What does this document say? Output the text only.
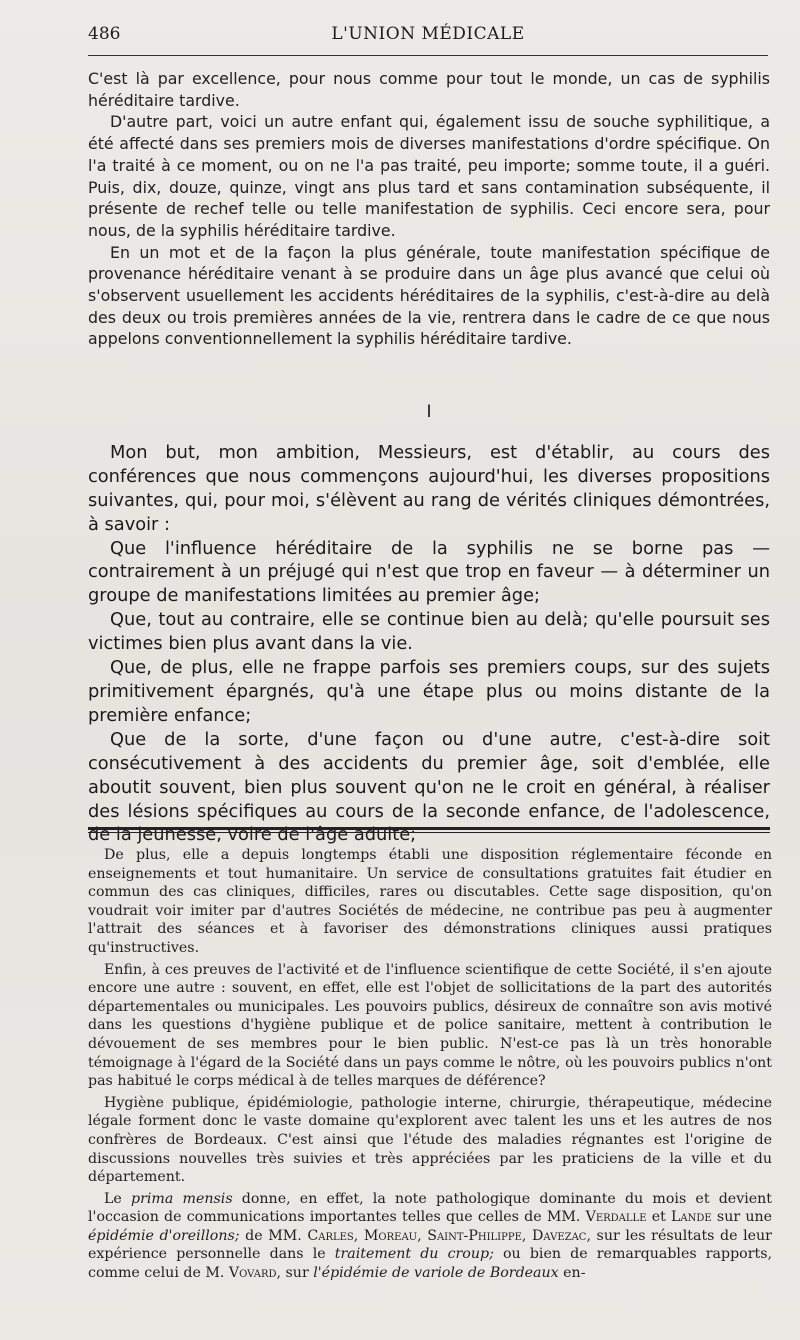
486	L'UNION MÉDICALE

C'est là par excellence, pour nous comme pour tout le monde, un cas de syphilis héréditaire tardive.

D'autre part, voici un autre enfant qui, également issu de souche syphilitique, a été affecté dans ses premiers mois de diverses manifestations d'ordre spécifique. On l'a traité à ce moment, ou on ne l'a pas traité, peu importe; somme toute, il a guéri. Puis, dix, douze, quinze, vingt ans plus tard et sans contamination subséquente, il présente de rechef telle ou telle manifestation de syphilis. Ceci encore sera, pour nous, de la syphilis héréditaire tardive.

En un mot et de la façon la plus générale, toute manifestation spécifique de provenance héréditaire venant à se produire dans un âge plus avancé que celui où s'observent usuellement les accidents héréditaires de la syphilis, c'est-à-dire au delà des deux ou trois premières années de la vie, rentrera dans le cadre de ce que nous appelons conventionnellement la syphilis héréditaire tardive.

I

Mon but, mon ambition, Messieurs, est d'établir, au cours des conférences que nous commençons aujourd'hui, les diverses propositions suivantes, qui, pour moi, s'élèvent au rang de vérités cliniques démontrées, à savoir :

Que l'influence héréditaire de la syphilis ne se borne pas — contrairement à un préjugé qui n'est que trop en faveur — à déterminer un groupe de manifestations limitées au premier âge;

Que, tout au contraire, elle se continue bien au delà; qu'elle poursuit ses victimes bien plus avant dans la vie.

Que, de plus, elle ne frappe parfois ses premiers coups, sur des sujets primitivement épargnés, qu'à une étape plus ou moins distante de la première enfance;

Que de la sorte, d'une façon ou d'une autre, c'est-à-dire soit consécutivement à des accidents du premier âge, soit d'emblée, elle aboutit souvent, bien plus souvent qu'on ne le croit en général, à réaliser des lésions spécifiques au cours de la seconde enfance, de l'adolescence, de la jeunesse, voire de l'âge adulte;

De plus, elle a depuis longtemps établi une disposition réglementaire féconde en enseignements et tout humanitaire. Un service de consultations gratuites fait étudier en commun des cas cliniques, difficiles, rares ou discutables. Cette sage disposition, qu'on voudrait voir imiter par d'autres Sociétés de médecine, ne contribue pas peu à augmenter l'attrait des séances et à favoriser des démonstrations cliniques aussi pratiques qu'instructives.

Enfin, à ces preuves de l'activité et de l'influence scientifique de cette Société, il s'en ajoute encore une autre : souvent, en effet, elle est l'objet de sollicitations de la part des autorités départementales ou municipales. Les pouvoirs publics, désireux de connaître son avis motivé dans les questions d'hygiène publique et de police sanitaire, mettent à contribution le dévouement de ses membres pour le bien public. N'est-ce pas là un très honorable témoignage à l'égard de la Société dans un pays comme le nôtre, où les pouvoirs publics n'ont pas habitué le corps médical à de telles marques de déférence?

Hygiène publique, épidémiologie, pathologie interne, chirurgie, thérapeutique, médecine légale forment donc le vaste domaine qu'explorent avec talent les uns et les autres de nos confrères de Bordeaux. C'est ainsi que l'étude des maladies régnantes est l'origine de discussions nouvelles très suivies et très appréciées par les praticiens de la ville et du département.

Le prima mensis donne, en effet, la note pathologique dominante du mois et devient l'occasion de communications importantes telles que celles de MM. Verdalle et Lande sur une épidémie d'oreillons; de MM. Carles, Moreau, Saint-Philippe, Davezac, sur les résultats de leur expérience personnelle dans le traitement du croup; ou bien de remarquables rapports, comme celui de M. Vovard, sur l'épidémie de variole de Bordeaux en-
